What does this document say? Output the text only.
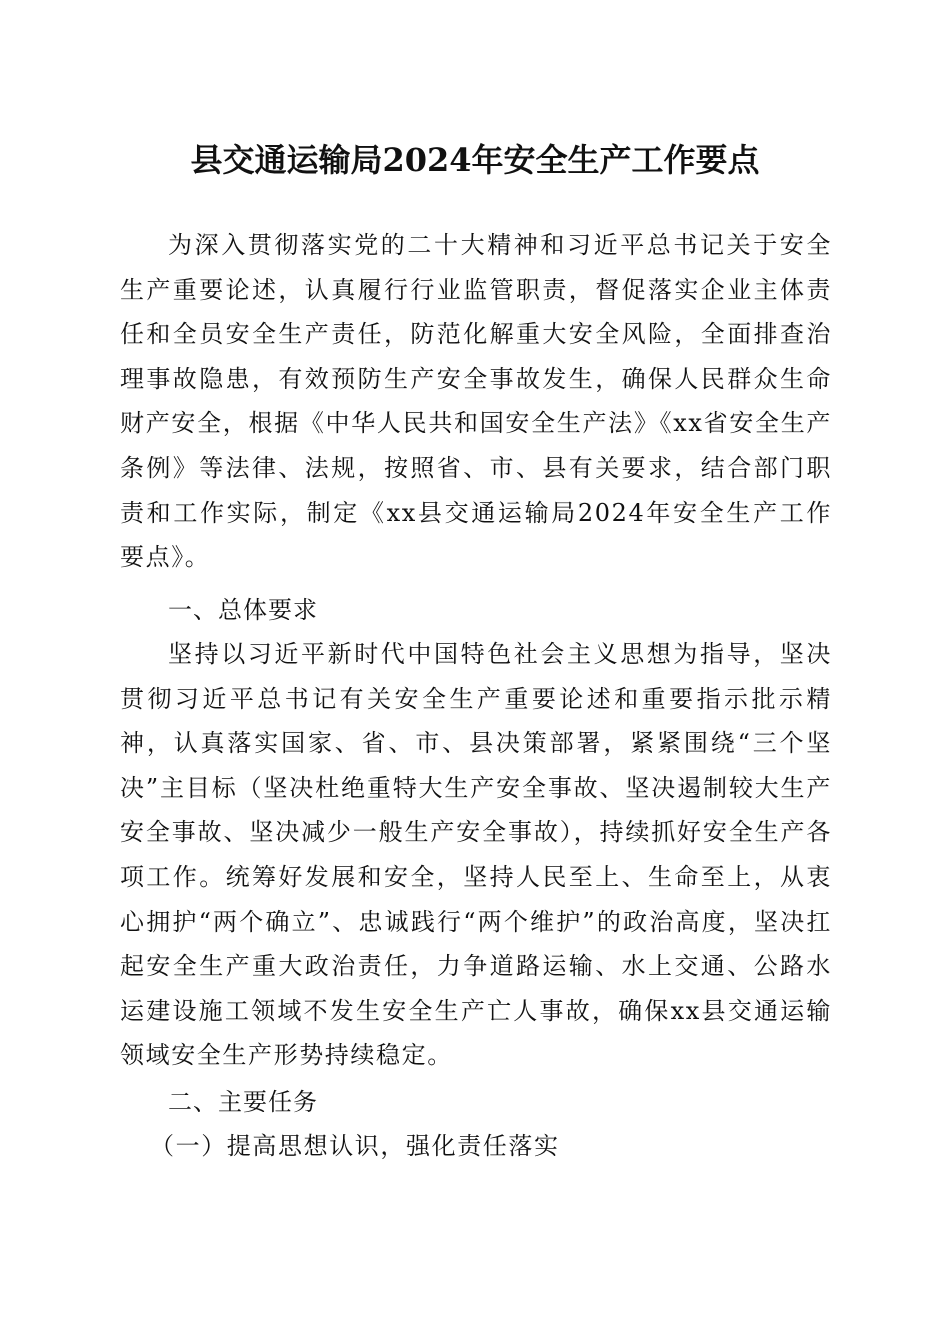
县交通运输局2024年安全生产工作要点

为深入贯彻落实党的二十大精神和习近平总书记关于安全生产重要论述，认真履行行业监管职责，督促落实企业主体责任和全员安全生产责任，防范化解重大安全风险，全面排查治理事故隐患，有效预防生产安全事故发生，确保人民群众生命财产安全，根据《中华人民共和国安全生产法》《xx省安全生产条例》等法律、法规，按照省、市、县有关要求，结合部门职责和工作实际，制定《xx县交通运输局2024年安全生产工作要点》。

一、总体要求

坚持以习近平新时代中国特色社会主义思想为指导，坚决贯彻习近平总书记有关安全生产重要论述和重要指示批示精神，认真落实国家、省、市、县决策部署，紧紧围绕“三个坚决”主目标（坚决杜绝重特大生产安全事故、坚决遏制较大生产安全事故、坚决减少一般生产安全事故），持续抓好安全生产各项工作。统筹好发展和安全，坚持人民至上、生命至上，从衷心拥护“两个确立”、忠诚践行“两个维护”的政治高度，坚决扛起安全生产重大政治责任，力争道路运输、水上交通、公路水运建设施工领域不发生安全生产亡人事故，确保xx县交通运输领域安全生产形势持续稳定。

二、主要任务
（一）提高思想认识，强化责任落实
